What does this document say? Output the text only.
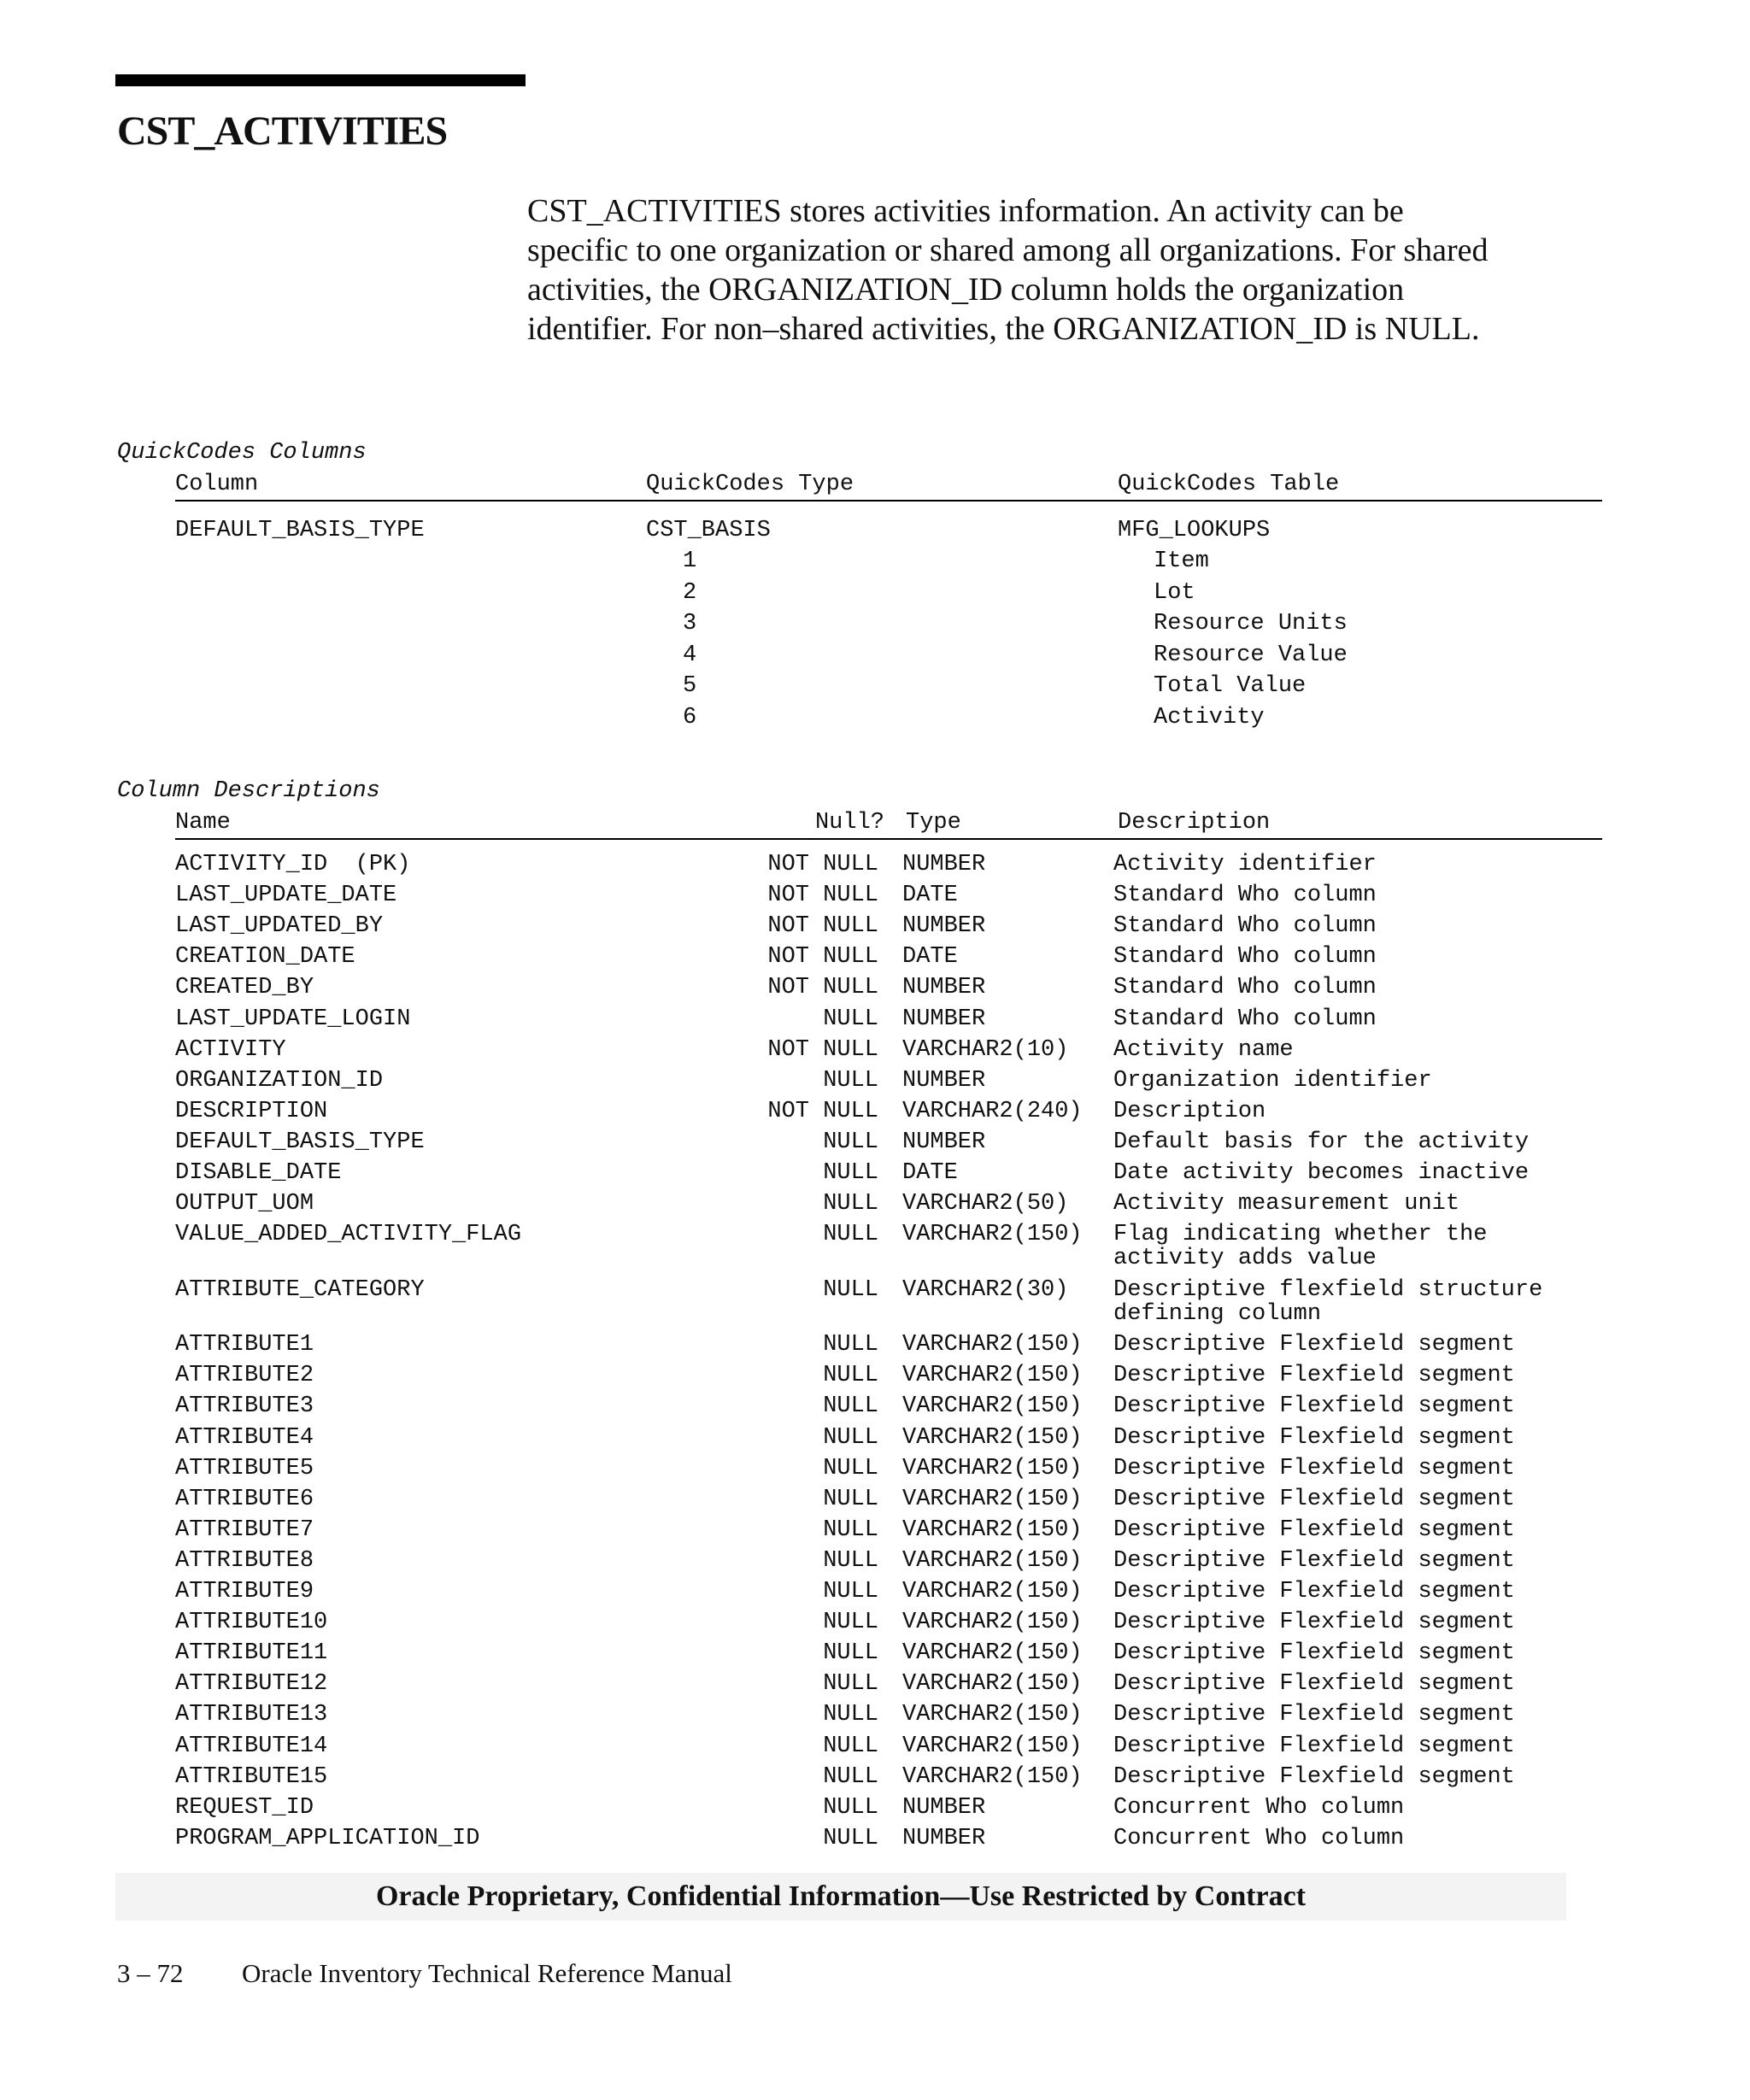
CST_ACTIVITIES
CST_ACTIVITIES stores activities information. An activity can be specific to one organization or shared among all organizations. For shared activities, the ORGANIZATION_ID column holds the organization identifier. For non–shared activities, the ORGANIZATION_ID is NULL.
QuickCodes Columns
Column	QuickCodes Type	QuickCodes Table
DEFAULT_BASIS_TYPE	CST_BASIS	MFG_LOOKUPS
1	Item
2	Lot
3	Resource Units
4	Resource Value
5	Total Value
6	Activity
Column Descriptions
Name	Null? Type	Description
ACTIVITY_ID  (PK)	NOT NULL NUMBER	Activity identifier
LAST_UPDATE_DATE	NOT NULL DATE	Standard Who column
LAST_UPDATED_BY	NOT NULL NUMBER	Standard Who column
CREATION_DATE	NOT NULL DATE	Standard Who column
CREATED_BY	NOT NULL NUMBER	Standard Who column
LAST_UPDATE_LOGIN	NULL NUMBER	Standard Who column
ACTIVITY	NOT NULL VARCHAR2(10) Activity name
ORGANIZATION_ID	NULL NUMBER	Organization identifier
DESCRIPTION	NOT NULL VARCHAR2(240) Description
DEFAULT_BASIS_TYPE	NULL NUMBER	Default basis for the activity
DISABLE_DATE	NULL DATE	Date activity becomes inactive
OUTPUT_UOM	NULL VARCHAR2(50) Activity measurement unit
VALUE_ADDED_ACTIVITY_FLAG	NULL VARCHAR2(150) Flag indicating whether the activity adds value
ATTRIBUTE_CATEGORY	NULL VARCHAR2(30) Descriptive flexfield structure defining column
ATTRIBUTE1	NULL VARCHAR2(150) Descriptive Flexfield segment
ATTRIBUTE2	NULL VARCHAR2(150) Descriptive Flexfield segment
ATTRIBUTE3	NULL VARCHAR2(150) Descriptive Flexfield segment
ATTRIBUTE4	NULL VARCHAR2(150) Descriptive Flexfield segment
ATTRIBUTE5	NULL VARCHAR2(150) Descriptive Flexfield segment
ATTRIBUTE6	NULL VARCHAR2(150) Descriptive Flexfield segment
ATTRIBUTE7	NULL VARCHAR2(150) Descriptive Flexfield segment
ATTRIBUTE8	NULL VARCHAR2(150) Descriptive Flexfield segment
ATTRIBUTE9	NULL VARCHAR2(150) Descriptive Flexfield segment
ATTRIBUTE10	NULL VARCHAR2(150) Descriptive Flexfield segment
ATTRIBUTE11	NULL VARCHAR2(150) Descriptive Flexfield segment
ATTRIBUTE12	NULL VARCHAR2(150) Descriptive Flexfield segment
ATTRIBUTE13	NULL VARCHAR2(150) Descriptive Flexfield segment
ATTRIBUTE14	NULL VARCHAR2(150) Descriptive Flexfield segment
ATTRIBUTE15	NULL VARCHAR2(150) Descriptive Flexfield segment
REQUEST_ID	NULL NUMBER	Concurrent Who column
PROGRAM_APPLICATION_ID	NULL NUMBER	Concurrent Who column
Oracle Proprietary, Confidential Information––Use Restricted by Contract
3 – 72 Oracle Inventory Technical Reference Manual
